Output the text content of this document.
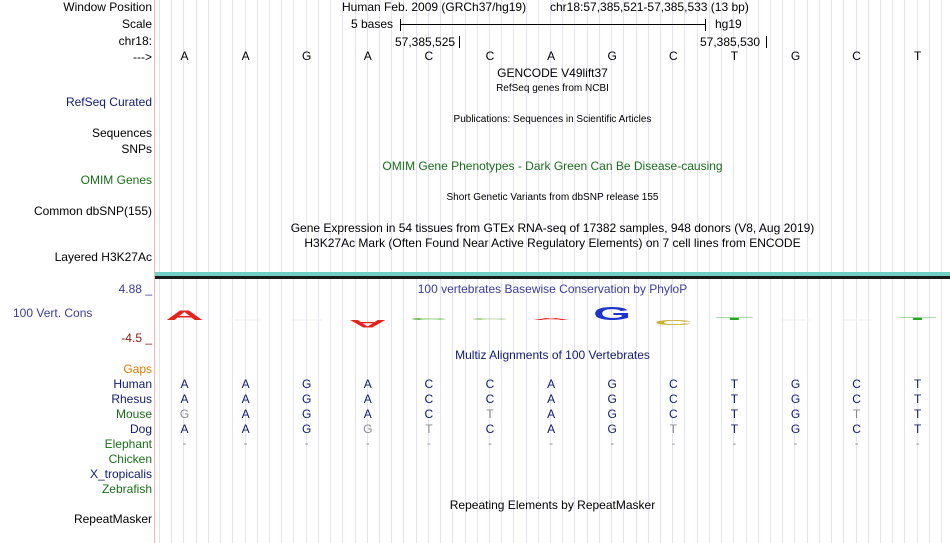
Window Position	Human Feb. 2009 (GRCh37/hg19) chr18:57,385,521-57,385,533 (13 bp)
Scale	5 bases	hg19
chr18:	57,385,525	57,385,530
--->	A	A	G	A	C	C	A	G	C	T	G	C	T
GENCODE V49lift37
RefSeq genes from NCBI
RefSeq Curated
Publications: Sequences in Scientific Articles
Sequences
SNPs
OMIM Gene Phenotypes - Dark Green Can Be Disease-causing
OMIM Genes
Short Genetic Variants from dbSNP release 155
Common dbSNP(155)
Gene Expression in 54 tissues from GTEx RNA-seq of 17382 samples, 948 donors (V8, Aug 2019)
H3K27Ac Mark (Often Found Near Active Regulatory Elements) on 7 cell lines from ENCODE
Layered H3K27Ac
4.88 _	100 vertebrates Basewise Conservation by PhyloP
100 Vert. Cons
-4.5 _
A	A C C A G C T	T
Multiz Alignments of 100 Vertebrates
Gaps
Human	A	A	G	A	C	C	A	G	C	T	G	C	T
Rhesus	A	A	G	A	C	C	A	G	C	T	G	C	T
Mouse	G	A	G	A	C	T	A	G	C	T	G	T	T
Dog	A	A	G	G	T	C	A	G	T	T	G	C	T
Elephant	-	-	-	-	-	-	-	-	-	-	-	-	-
Chicken
X_tropicalis
Zebrafish
Repeating Elements by RepeatMasker
RepeatMasker
